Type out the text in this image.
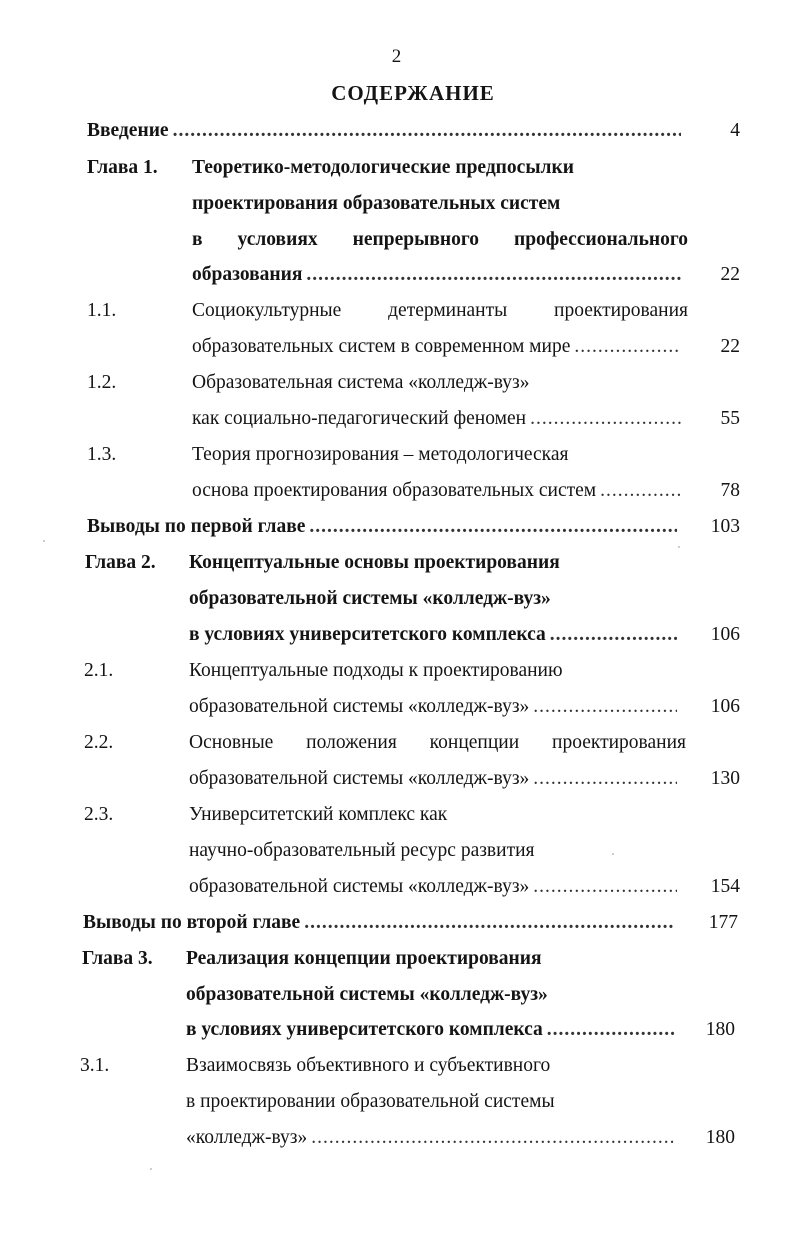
2
СОДЕРЖАНИЕ
Введение .....	4
Глава 1. Теоретико-методологические предпосылки
проектирования образовательных систем
в условиях непрерывного профессионального
образования .....	22
1.1.	Социокультурные детерминанты проектирования
образовательных систем в современном мире .....	22
1.2.	Образовательная система «колледж-вуз»
как социально-педагогический феномен .....	55
1.3.	Теория прогнозирования – методологическая
основа проектирования образовательных систем .....	78
Выводы по первой главе .....	103
Глава 2. Концептуальные основы проектирования
образовательной системы «колледж-вуз»
в условиях университетского комплекса .....	106
2.1.	Концептуальные подходы к проектированию
образовательной системы «колледж-вуз» .....	106
2.2.	Основные положения концепции проектирования
образовательной системы «колледж-вуз» .....	130
2.3.	Университетский комплекс как
научно-образовательный ресурс развития
образовательной системы «колледж-вуз» .....	154
Выводы по второй главе .....	177
Глава 3. Реализация концепции проектирования
образовательной системы «колледж-вуз»
в условиях университетского комплекса .....	180
3.1.	Взаимосвязь объективного и субъективного
в проектировании образовательной системы
«колледж-вуз» .....	180
